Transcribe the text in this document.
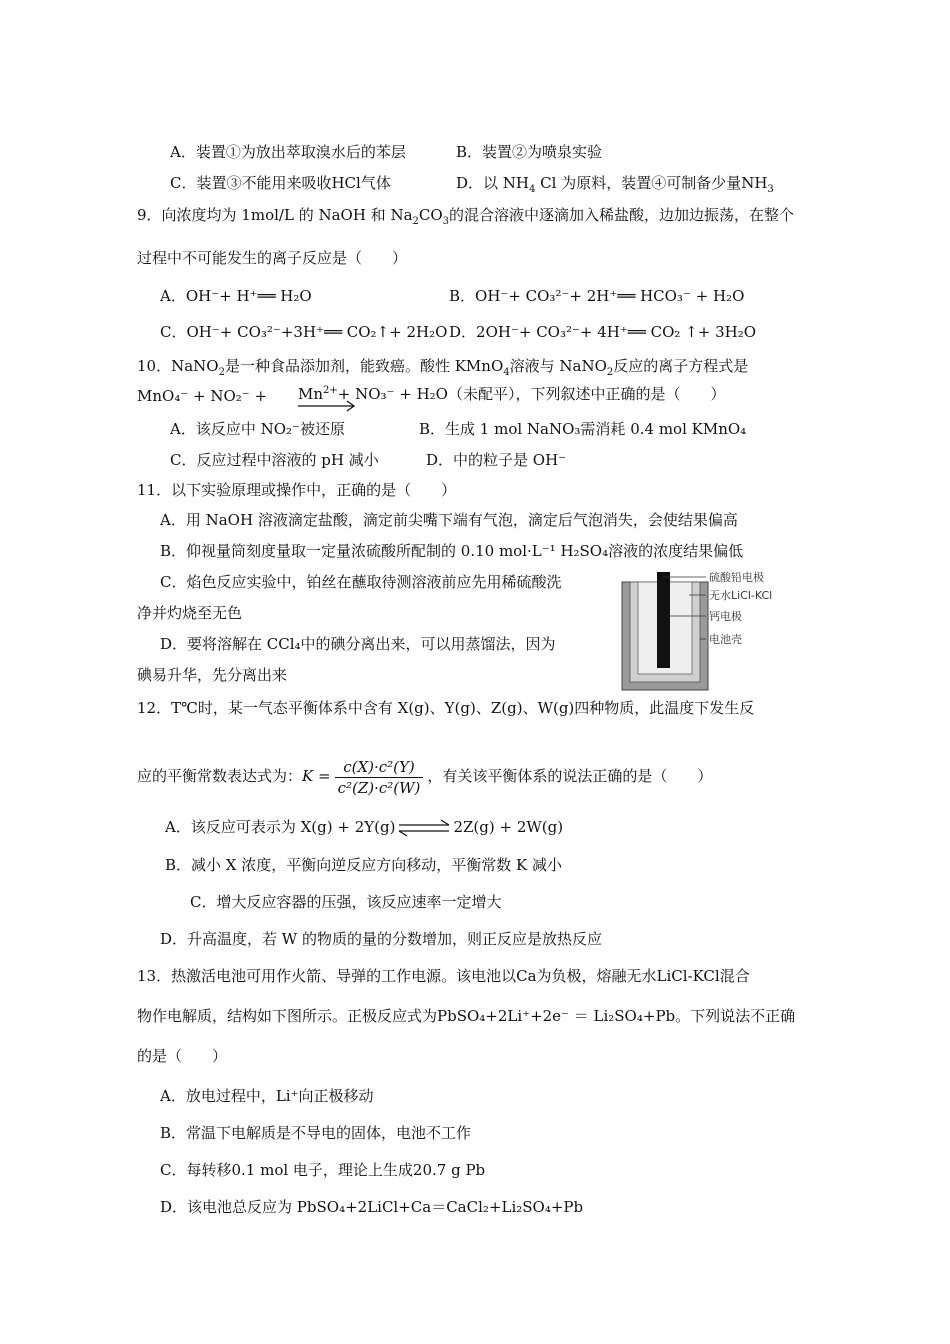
A．装置①为放出萃取溴水后的苯层	B．装置②为喷泉实验
C．装置③不能用来吸收HCl气体	D．以 $NH_4$ Cl 为原料，装置④可制备少量$NH_3$
9．向浓度均为 1mol/L 的 NaOH 和 $Na_2CO_3$的混合溶液中逐滴加入稀盐酸，边加边振荡，在整个
过程中不可能发生的离子反应是（　　）
A．OH⁻+ H⁺══ H₂O	B．OH⁻+ CO₃²⁻+ 2H⁺══ HCO₃⁻ + H₂O
C．OH⁻+ CO₃²⁻+3H⁺══ CO₂↑+ 2H₂O D．2OH⁻+ CO₃²⁻+ 4H⁺══ CO₂ ↑+ 3H₂O
10．NaNO$_2$是一种食品添加剂，能致癌。酸性 KMnO$_4$溶液与 NaNO$_2$反应的离子方程式是
$MnO_4^- + NO_2^- + Mn^{2+}+ NO_3^- + H_2O$（未配平），下列叙述中正确的是（　　）
A．该反应中 NO₂⁻被还原	B．生成 1 mol NaNO₃需消耗 0.4 mol KMnO₄
C．反应过程中溶液的 pH 减小	D．中的粒子是 OH⁻
11．以下实验原理或操作中，正确的是（　　）
A．用 NaOH 溶液滴定盐酸，滴定前尖嘴下端有气泡，滴定后气泡消失，会使结果偏高
B．仰视量筒刻度量取一定量浓硫酸所配制的 0.10 mol·L⁻¹ H₂SO₄溶液的浓度结果偏低
C．焰色反应实验中，铂丝在蘸取待测溶液前应先用稀硫酸洗
净并灼烧至无色
D．要将溶解在 CCl₄中的碘分离出来，可以用蒸馏法，因为
碘易升华，先分离出来
硫酸铅电极
无水LiCl-KCl
钙电极
电池壳
12．T℃时，某一气态平衡体系中含有 X(g)、Y(g)、Z(g)、W(g)四种物质，此温度下发生反
应的平衡常数表达式为：$K = \frac{\text{c(X)·c²(Y)}}{\text{c²(Z)·c²(W)}}$ ，有关该平衡体系的说法正确的是（　　）
A．该反应可表示为 X(g) + 2Y(g)⇌2Z(g) + 2W(g)
B．减小 X 浓度，平衡向逆反应方向移动，平衡常数 K 减小
C．增大反应容器的压强，该反应速率一定增大
D．升高温度，若 W 的物质的量的分数增加，则正反应是放热反应
13．热激活电池可用作火箭、导弹的工作电源。该电池以Ca为负极，熔融无水LiCl-KCl混合
物作电解质，结构如下图所示。正极反应式为PbSO₄+2Li⁺+2e⁻ ＝ Li₂SO₄+Pb。下列说法不正确
的是（　　）
A．放电过程中，Li⁺向正极移动
B．常温下电解质是不导电的固体，电池不工作
C．每转移0.1 mol 电子，理论上生成20.7 g Pb
D．该电池总反应为 PbSO₄+2LiCl+Ca＝CaCl₂+Li₂SO₄+Pb
